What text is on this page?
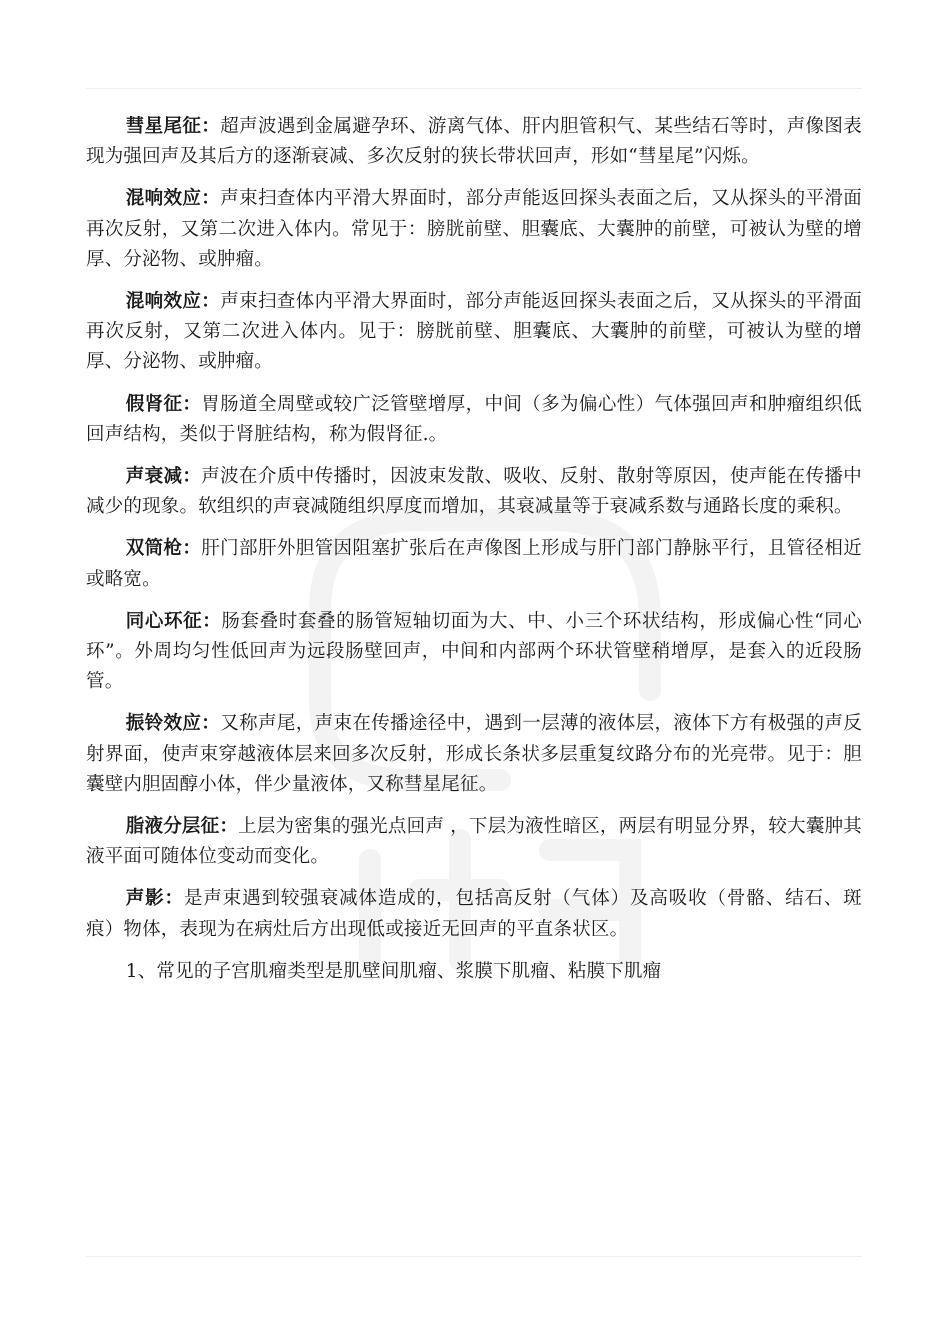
彗星尾征：超声波遇到金属避孕环、游离气体、肝内胆管积气、某些结石等时，声像图表现为强回声及其后方的逐渐衰减、多次反射的狭长带状回声，形如“彗星尾”闪烁。

混响效应：声束扫查体内平滑大界面时，部分声能返回探头表面之后，又从探头的平滑面再次反射，又第二次进入体内。常见于：膀胱前壁、胆囊底、大囊肿的前壁，可被认为壁的增厚、分泌物、或肿瘤。

混响效应：声束扫查体内平滑大界面时，部分声能返回探头表面之后，又从探头的平滑面再次反射，又第二次进入体内。见于：膀胱前壁、胆囊底、大囊肿的前壁，可被认为壁的增厚、分泌物、或肿瘤。

假肾征：胃肠道全周壁或较广泛管壁增厚，中间（多为偏心性）气体强回声和肿瘤组织低回声结构，类似于肾脏结构，称为假肾征.。

声衰减：声波在介质中传播时，因波束发散、吸收、反射、散射等原因，使声能在传播中减少的现象。软组织的声衰减随组织厚度而增加，其衰减量等于衰减系数与通路长度的乘积。

双筒枪：肝门部肝外胆管因阻塞扩张后在声像图上形成与肝门部门静脉平行，且管径相近或略宽。

同心环征：肠套叠时套叠的肠管短轴切面为大、中、小三个环状结构，形成偏心性“同心环”。外周均匀性低回声为远段肠壁回声，中间和内部两个环状管壁稍增厚，是套入的近段肠管。

振铃效应：又称声尾，声束在传播途径中，遇到一层薄的液体层，液体下方有极强的声反射界面，使声束穿越液体层来回多次反射，形成长条状多层重复纹路分布的光亮带。见于：胆囊壁内胆固醇小体，伴少量液体，又称彗星尾征。

脂液分层征：上层为密集的强光点回声 ，下层为液性暗区，两层有明显分界，较大囊肿其液平面可随体位变动而变化。

声影：是声束遇到较强衰减体造成的，包括高反射（气体）及高吸收（骨骼、结石、斑痕）物体，表现为在病灶后方出现低或接近无回声的平直条状区。

1、常见的子宫肌瘤类型是肌壁间肌瘤、浆膜下肌瘤、粘膜下肌瘤
